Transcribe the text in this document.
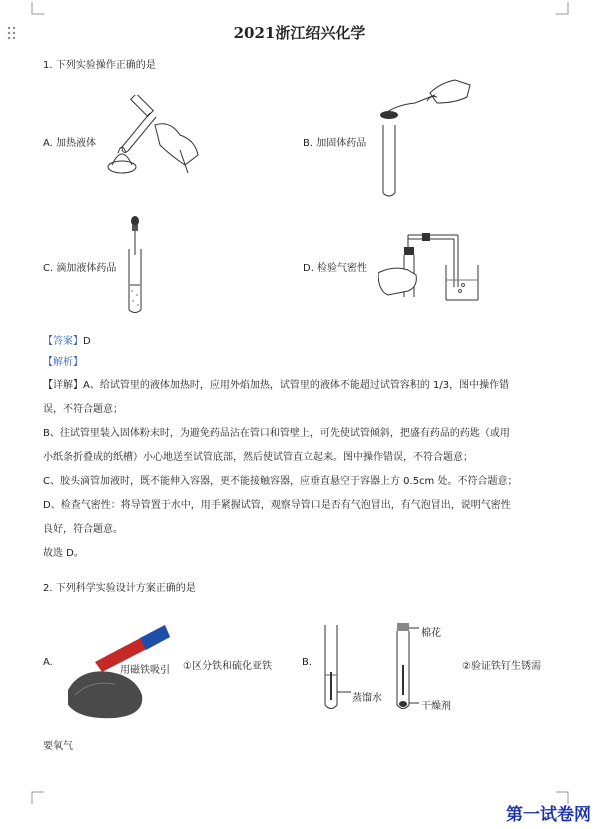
2021浙江绍兴化学
1. 下列实验操作正确的是
A. 加热液体	B. 加固体药品
C. 滴加液体药品	D. 检验气密性
【答案】D
【解析】
【详解】A、给试管里的液体加热时，应用外焰加热，试管里的液体不能超过试管容积的 1/3，图中操作错
误，不符合题意；
B、往试管里装入固体粉末时，为避免药品沾在管口和管壁上，可先使试管倾斜，把盛有药品的药匙（或用
小纸条折叠成的纸槽）小心地送至试管底部，然后使试管直立起来。图中操作错误，不符合题意；
C、胶头滴管加液时，既不能伸入容器，更不能接触容器，应垂直悬空于容器上方 0.5cm 处。不符合题意；
D、检查气密性：将导管置于水中，用手紧握试管，观察导管口是否有气泡冒出，有气泡冒出，说明气密性
良好，符合题意。
故选 D。
2. 下列科学实验设计方案正确的是
A.
用磁铁吸引 ①区分铁和硫化亚铁	B.
棉花
蒸馏水
干燥剂
②验证铁钉生锈需
要氧气
第一试卷网
